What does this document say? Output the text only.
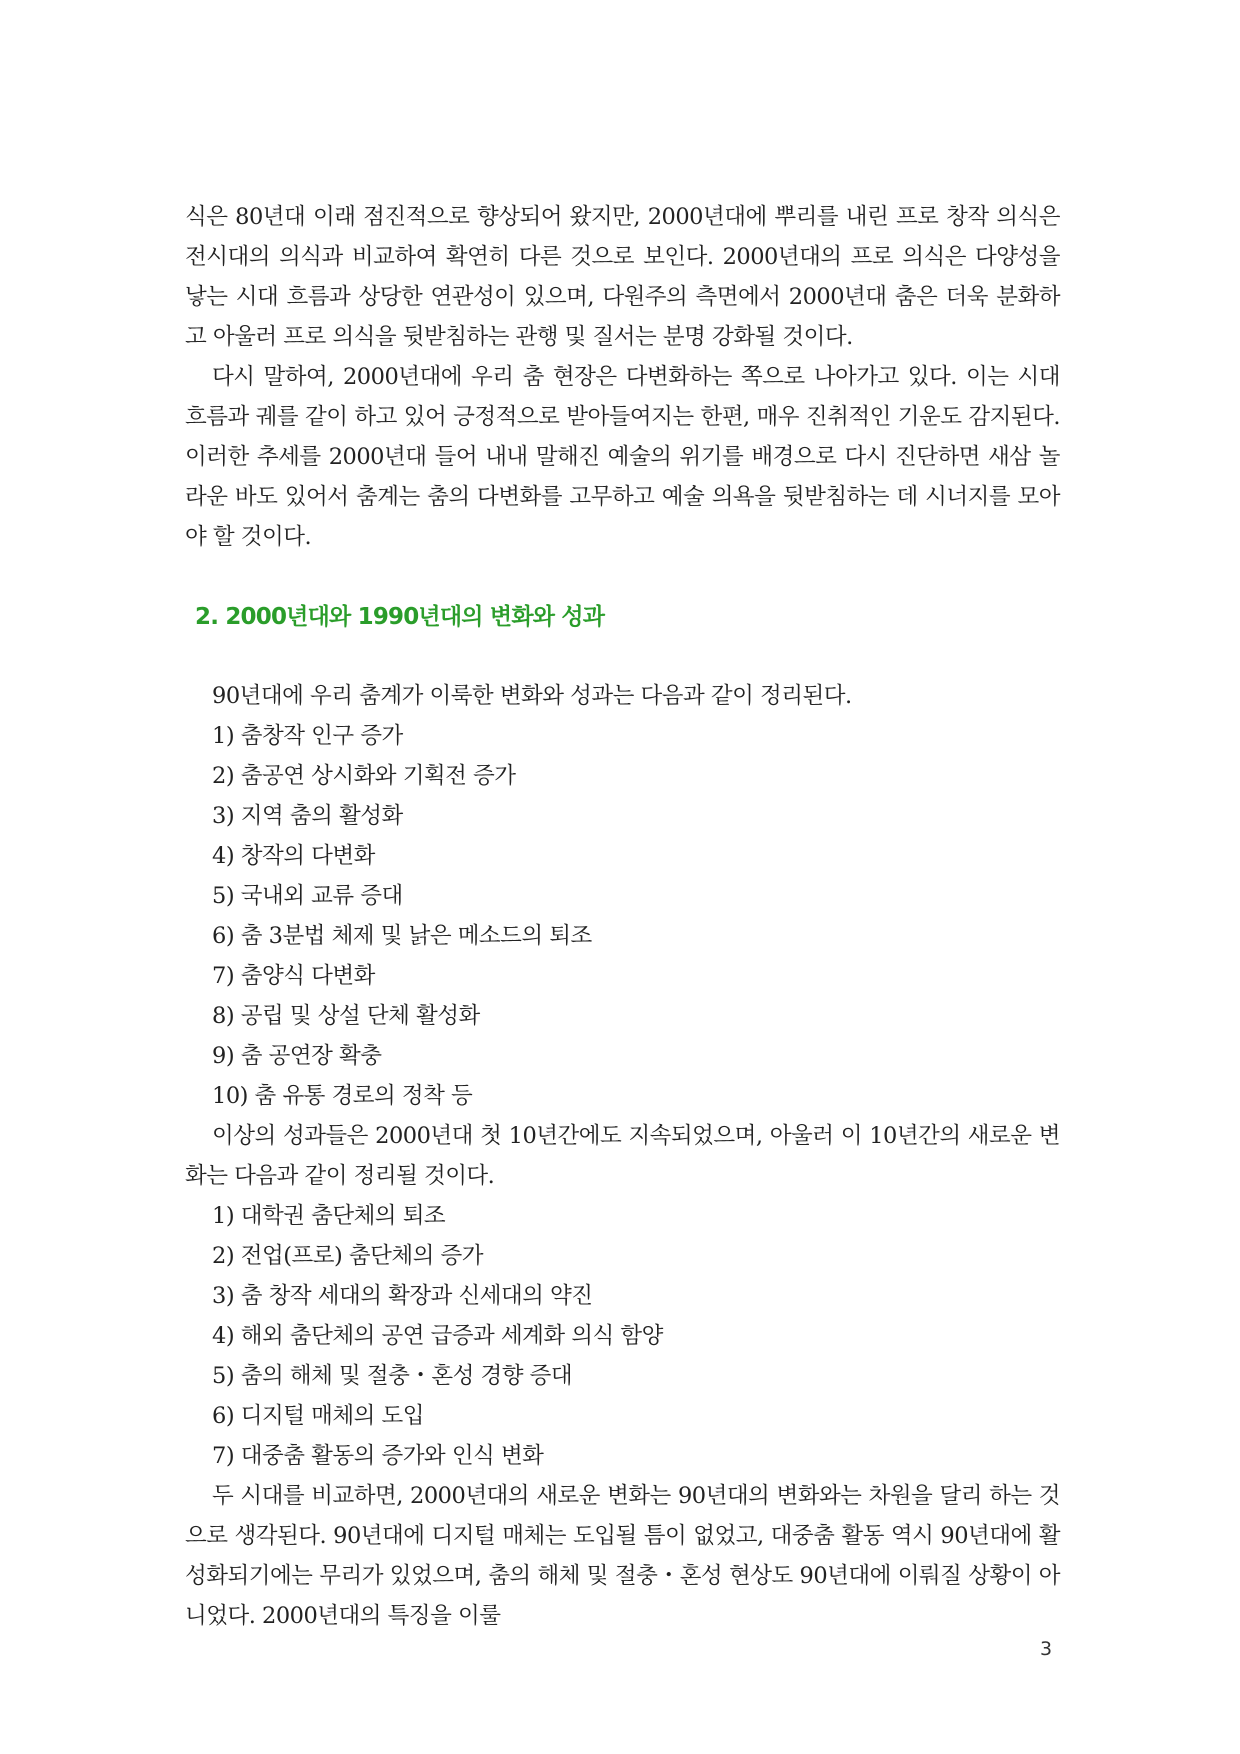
식은 80년대 이래 점진적으로 향상되어 왔지만, 2000년대에 뿌리를 내린 프로 창작 의식은 전시대의 의식과 비교하여 확연히 다른 것으로 보인다. 2000년대의 프로 의식은 다양성을 낳는 시대 흐름과 상당한 연관성이 있으며, 다원주의 측면에서 2000년대 춤은 더욱 분화하고 아울러 프로 의식을 뒷받침하는 관행 및 질서는 분명 강화될 것이다.

다시 말하여, 2000년대에 우리 춤 현장은 다변화하는 쪽으로 나아가고 있다. 이는 시대 흐름과 궤를 같이 하고 있어 긍정적으로 받아들여지는 한편, 매우 진취적인 기운도 감지된다. 이러한 추세를 2000년대 들어 내내 말해진 예술의 위기를 배경으로 다시 진단하면 새삼 놀라운 바도 있어서 춤계는 춤의 다변화를 고무하고 예술 의욕을 뒷받침하는 데 시너지를 모아야 할 것이다.

2. 2000년대와 1990년대의 변화와 성과

90년대에 우리 춤계가 이룩한 변화와 성과는 다음과 같이 정리된다.

1) 춤창작 인구 증가
2) 춤공연 상시화와 기획전 증가
3) 지역 춤의 활성화
4) 창작의 다변화
5) 국내외 교류 증대
6) 춤 3분법 체제 및 낡은 메소드의 퇴조
7) 춤양식 다변화
8) 공립 및 상설 단체 활성화
9) 춤 공연장 확충
10) 춤 유통 경로의 정착 등

이상의 성과들은 2000년대 첫 10년간에도 지속되었으며, 아울러 이 10년간의 새로운 변화는 다음과 같이 정리될 것이다.

1) 대학권 춤단체의 퇴조
2) 전업(프로) 춤단체의 증가
3) 춤 창작 세대의 확장과 신세대의 약진
4) 해외 춤단체의 공연 급증과 세계화 의식 함양
5) 춤의 해체 및 절충・혼성 경향 증대
6) 디지털 매체의 도입
7) 대중춤 활동의 증가와 인식 변화

두 시대를 비교하면, 2000년대의 새로운 변화는 90년대의 변화와는 차원을 달리 하는 것으로 생각된다. 90년대에 디지털 매체는 도입될 틈이 없었고, 대중춤 활동 역시 90년대에 활성화되기에는 무리가 있었으며, 춤의 해체 및 절충・혼성 현상도 90년대에 이뤄질 상황이 아니었다. 2000년대의 특징을 이룰

3
